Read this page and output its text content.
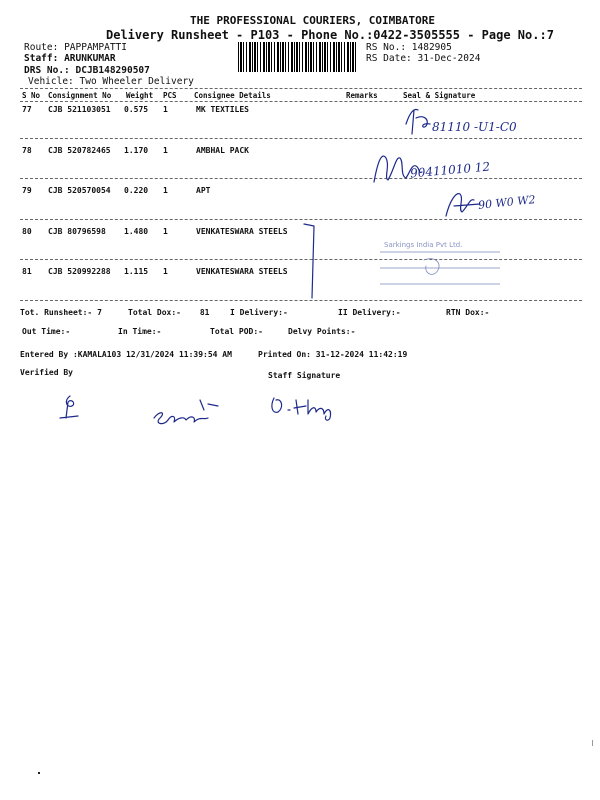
THE PROFESSIONAL COURIERS, COIMBATORE
Delivery Runsheet - P103 - Phone No.:0422-3505555 - Page No.:7
Route: PAPPAMPATTI
Staff: ARUNKUMAR
DRS No.: DCJB148290507
Vehicle: Two Wheeler Delivery
RS No.: 1482905
RS Date: 31-Dec-2024
S No Consignment No Weight PCS Consignee Details	Remarks	Seal & Signature
77 CJB 521103051 0.575 1	MK TEXTILES
78 CJB 520782465 1.170 1	AMBHAL PACK
79 CJB 520570054 0.220 1	APT
80 CJB 80796598 1.480 1	VENKATESWARA STEELS
81 CJB 520992288 1.115 1	VENKATESWARA STEELS
81110 -U1-C0
90411010 12
90 W0 W2
Sarkings India Pvt Ltd.
Tot. Runsheet:- 7	Total Dox:- 81	I Delivery:-	II Delivery:-	RTN Dox:-
Out Time:-	In Time:-	Total POD:-	Delvy Points:-
Entered By :KAMALA103 12/31/2024 11:39:54 AM	Printed On: 31-12-2024 11:42:19
Verified By	Staff Signature
